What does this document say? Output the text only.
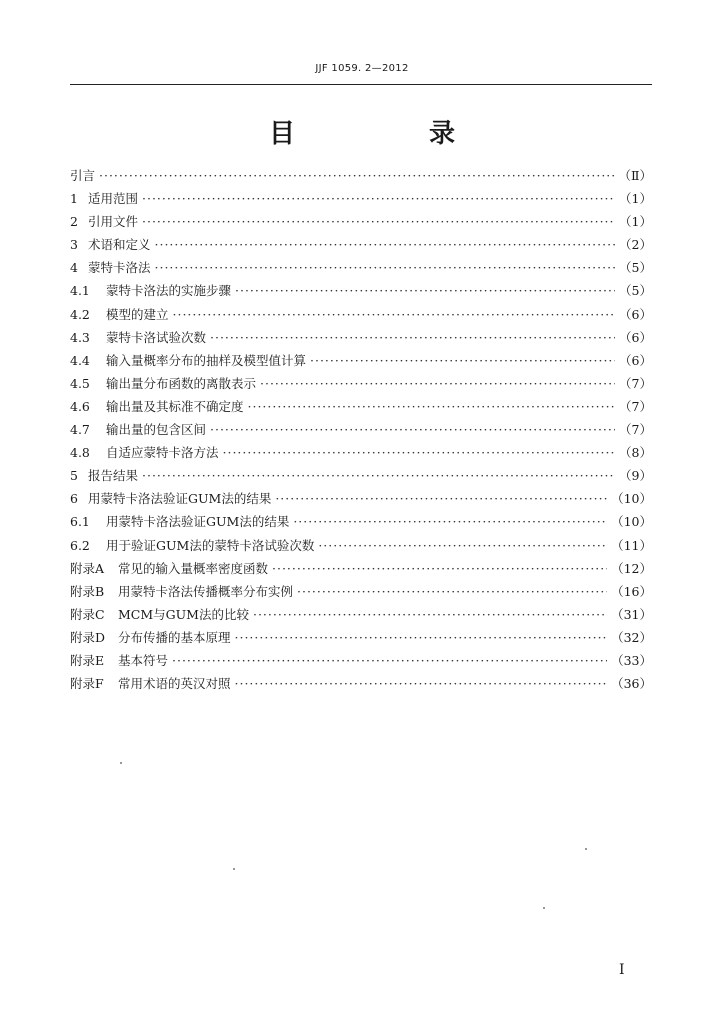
JJF 1059. 2—2012
目　录
引言 ·····	（Ⅱ）
1 适用范围 ·····	（1）
2 引用文件 ·····	（1）
3 术语和定义 ·····	（2）
4 蒙特卡洛法 ·····	（5）
4.1	蒙特卡洛法的实施步骤 ·····	（5）
4.2	模型的建立 ·····	（6）
4.3	蒙特卡洛试验次数 ·····	（6）
4.4	输入量概率分布的抽样及模型值计算 ·····	（6）
4.5	输出量分布函数的离散表示 ·····	（7）
4.6	输出量及其标准不确定度 ·····	（7）
4.7	输出量的包含区间 ·····	（7）
4.8	自适应蒙特卡洛方法 ·····	（8）
5 报告结果 ·····	（9）
6 用蒙特卡洛法验证GUM法的结果 ·····	（10）
6.1	用蒙特卡洛法验证GUM法的结果 ·····	（10）
6.2	用于验证GUM法的蒙特卡洛试验次数 ·····	（11）
附录A	常见的输入量概率密度函数 ·····	（12）
附录B	用蒙特卡洛法传播概率分布实例 ·····	（16）
附录C	MCM与GUM法的比较 ·····	（31）
附录D	分布传播的基本原理 ·····	（32）
附录E	基本符号 ·····	（33）
附录F	常用术语的英汉对照 ·····	（36）
I
